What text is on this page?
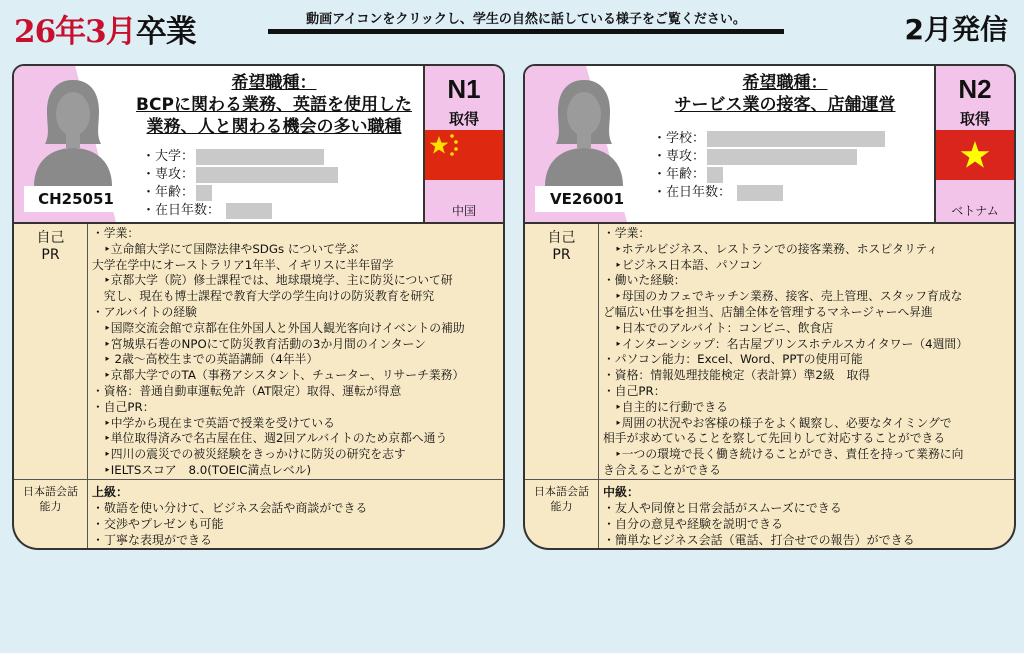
26年3月卒業	動画アイコンをクリックし、学生の自然に話している様子をご覧ください。	2月発信
CH25051
希望職種：
BCPに関わる業務、英語を使用した
業務、人と関わる機会の多い職種
・大学：
・専攻：
・年齢：
・在日年数：
N1
取得
中国
自己
PR
・学業：
　‣立命館大学にて国際法律やSDGs について学ぶ
大学在学中にオーストラリア1年半、イギリスに半年留学
　‣京都大学（院）修士課程では、地球環境学、主に防災について研
　究し、現在も博士課程で教育大学の学生向けの防災教育を研究
・アルバイトの経験
　‣国際交流会館で京都在住外国人と外国人観光客向けイベントの補助
　‣宮城県石巻のNPOにて防災教育活動の3か月間のインターン
　‣ 2歳〜高校生までの英語講師（4年半）
　‣京都大学でのTA（事務アシスタント、チューター、リサーチ業務）
・資格：普通自動車運転免許（AT限定）取得、運転が得意
・自己PR：
　‣中学から現在まで英語で授業を受けている
　‣単位取得済みで名古屋在住、週2回アルバイトのため京都へ通う
　‣四川の震災での被災経験をきっかけに防災の研究を志す
　‣IELTSスコア　8.0(TOEIC満点レベル)
日本語会話
能力
上級：
・敬語を使い分けて、ビジネス会話や商談ができる
・交渉やプレゼンも可能
・丁寧な表現ができる
VE26001
希望職種：
サービス業の接客、店舗運営
・学校：
・専攻：
・年齢：
・在日年数：
N2
取得
ベトナム
自己
PR
・学業：
　‣ホテルビジネス、レストランでの接客業務、ホスピタリティ
　‣ビジネス日本語、パソコン
・働いた経験：
　‣母国のカフェでキッチン業務、接客、売上管理、スタッフ育成な
ど幅広い仕事を担当、店舗全体を管理するマネージャーへ昇進
　‣日本でのアルバイト：コンビニ、飲食店
　‣インターンシップ：名古屋プリンスホテルスカイタワー（4週間）
・パソコン能力：Excel、Word、PPTの使用可能
・資格：情報処理技能検定（表計算）準2級　取得
・自己PR：
　‣自主的に行動できる
　‣周囲の状況やお客様の様子をよく観察し、必要なタイミングで
相手が求めていることを察して先回りして対応することができる
　‣一つの環境で長く働き続けることができ、責任を持って業務に向
き合えることができる
日本語会話
能力
中級：
・友人や同僚と日常会話がスムーズにできる
・自分の意見や経験を説明できる
・簡単なビジネス会話（電話、打合せでの報告）ができる
